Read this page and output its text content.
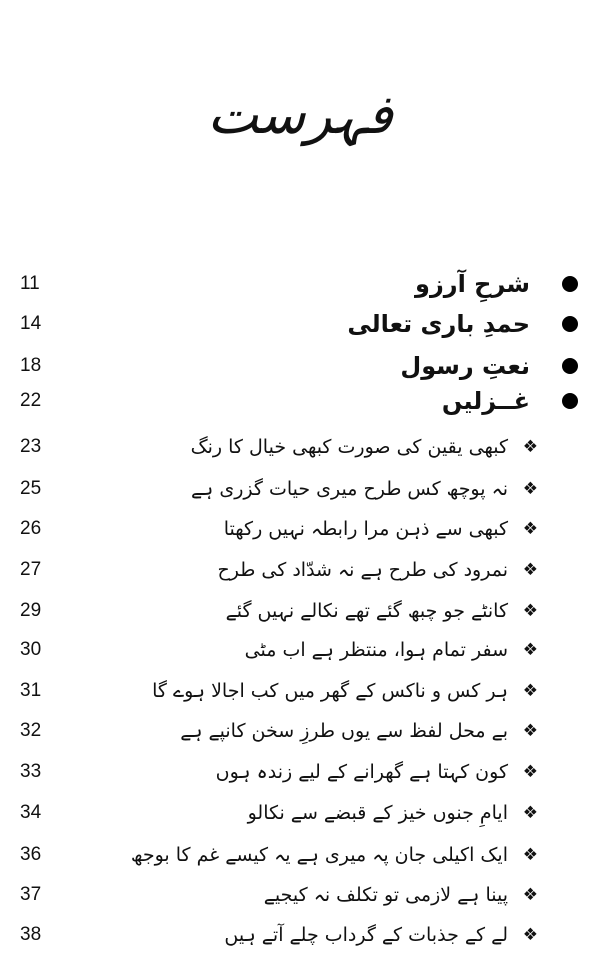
فہرست
11	شرحِ آرزو
14	حمدِ باری تعالی
18	نعتِ رسول
22	غــزلیں
23	کبھی یقین کی صورت کبھی خیال کا رنگ ❖
25	نہ پوچھ کس طرح میری حیات گزری ہے ❖
26	کبھی سے ذہن مرا رابطہ نہیں رکھتا ❖
27	نمرود کی طرح ہے نہ شدّاد کی طرح ❖
29	کانٹے جو چبھ گئے تھے نکالے نہیں گئے ❖
30	سفر تمام ہوا، منتظر ہے اب مٹی ❖
31	ہر کس و ناکس کے گھر میں کب اجالا ہوے گا ❖
32	بے محل لفظ سے یوں طرزِ سخن کانپے ہے ❖
33	کون کہتا ہے گھرانے کے لیے زندہ ہوں ❖
34	ایامِ جنوں خیز کے قبضے سے نکالو ❖
36	ایک اکیلی جان پہ میری ہے یہ کیسے غم کا بوجھ ❖
37	پینا ہے لازمی تو تکلف نہ کیجیے ❖
38	لے کے جذبات کے گرداب چلے آتے ہیں ❖
